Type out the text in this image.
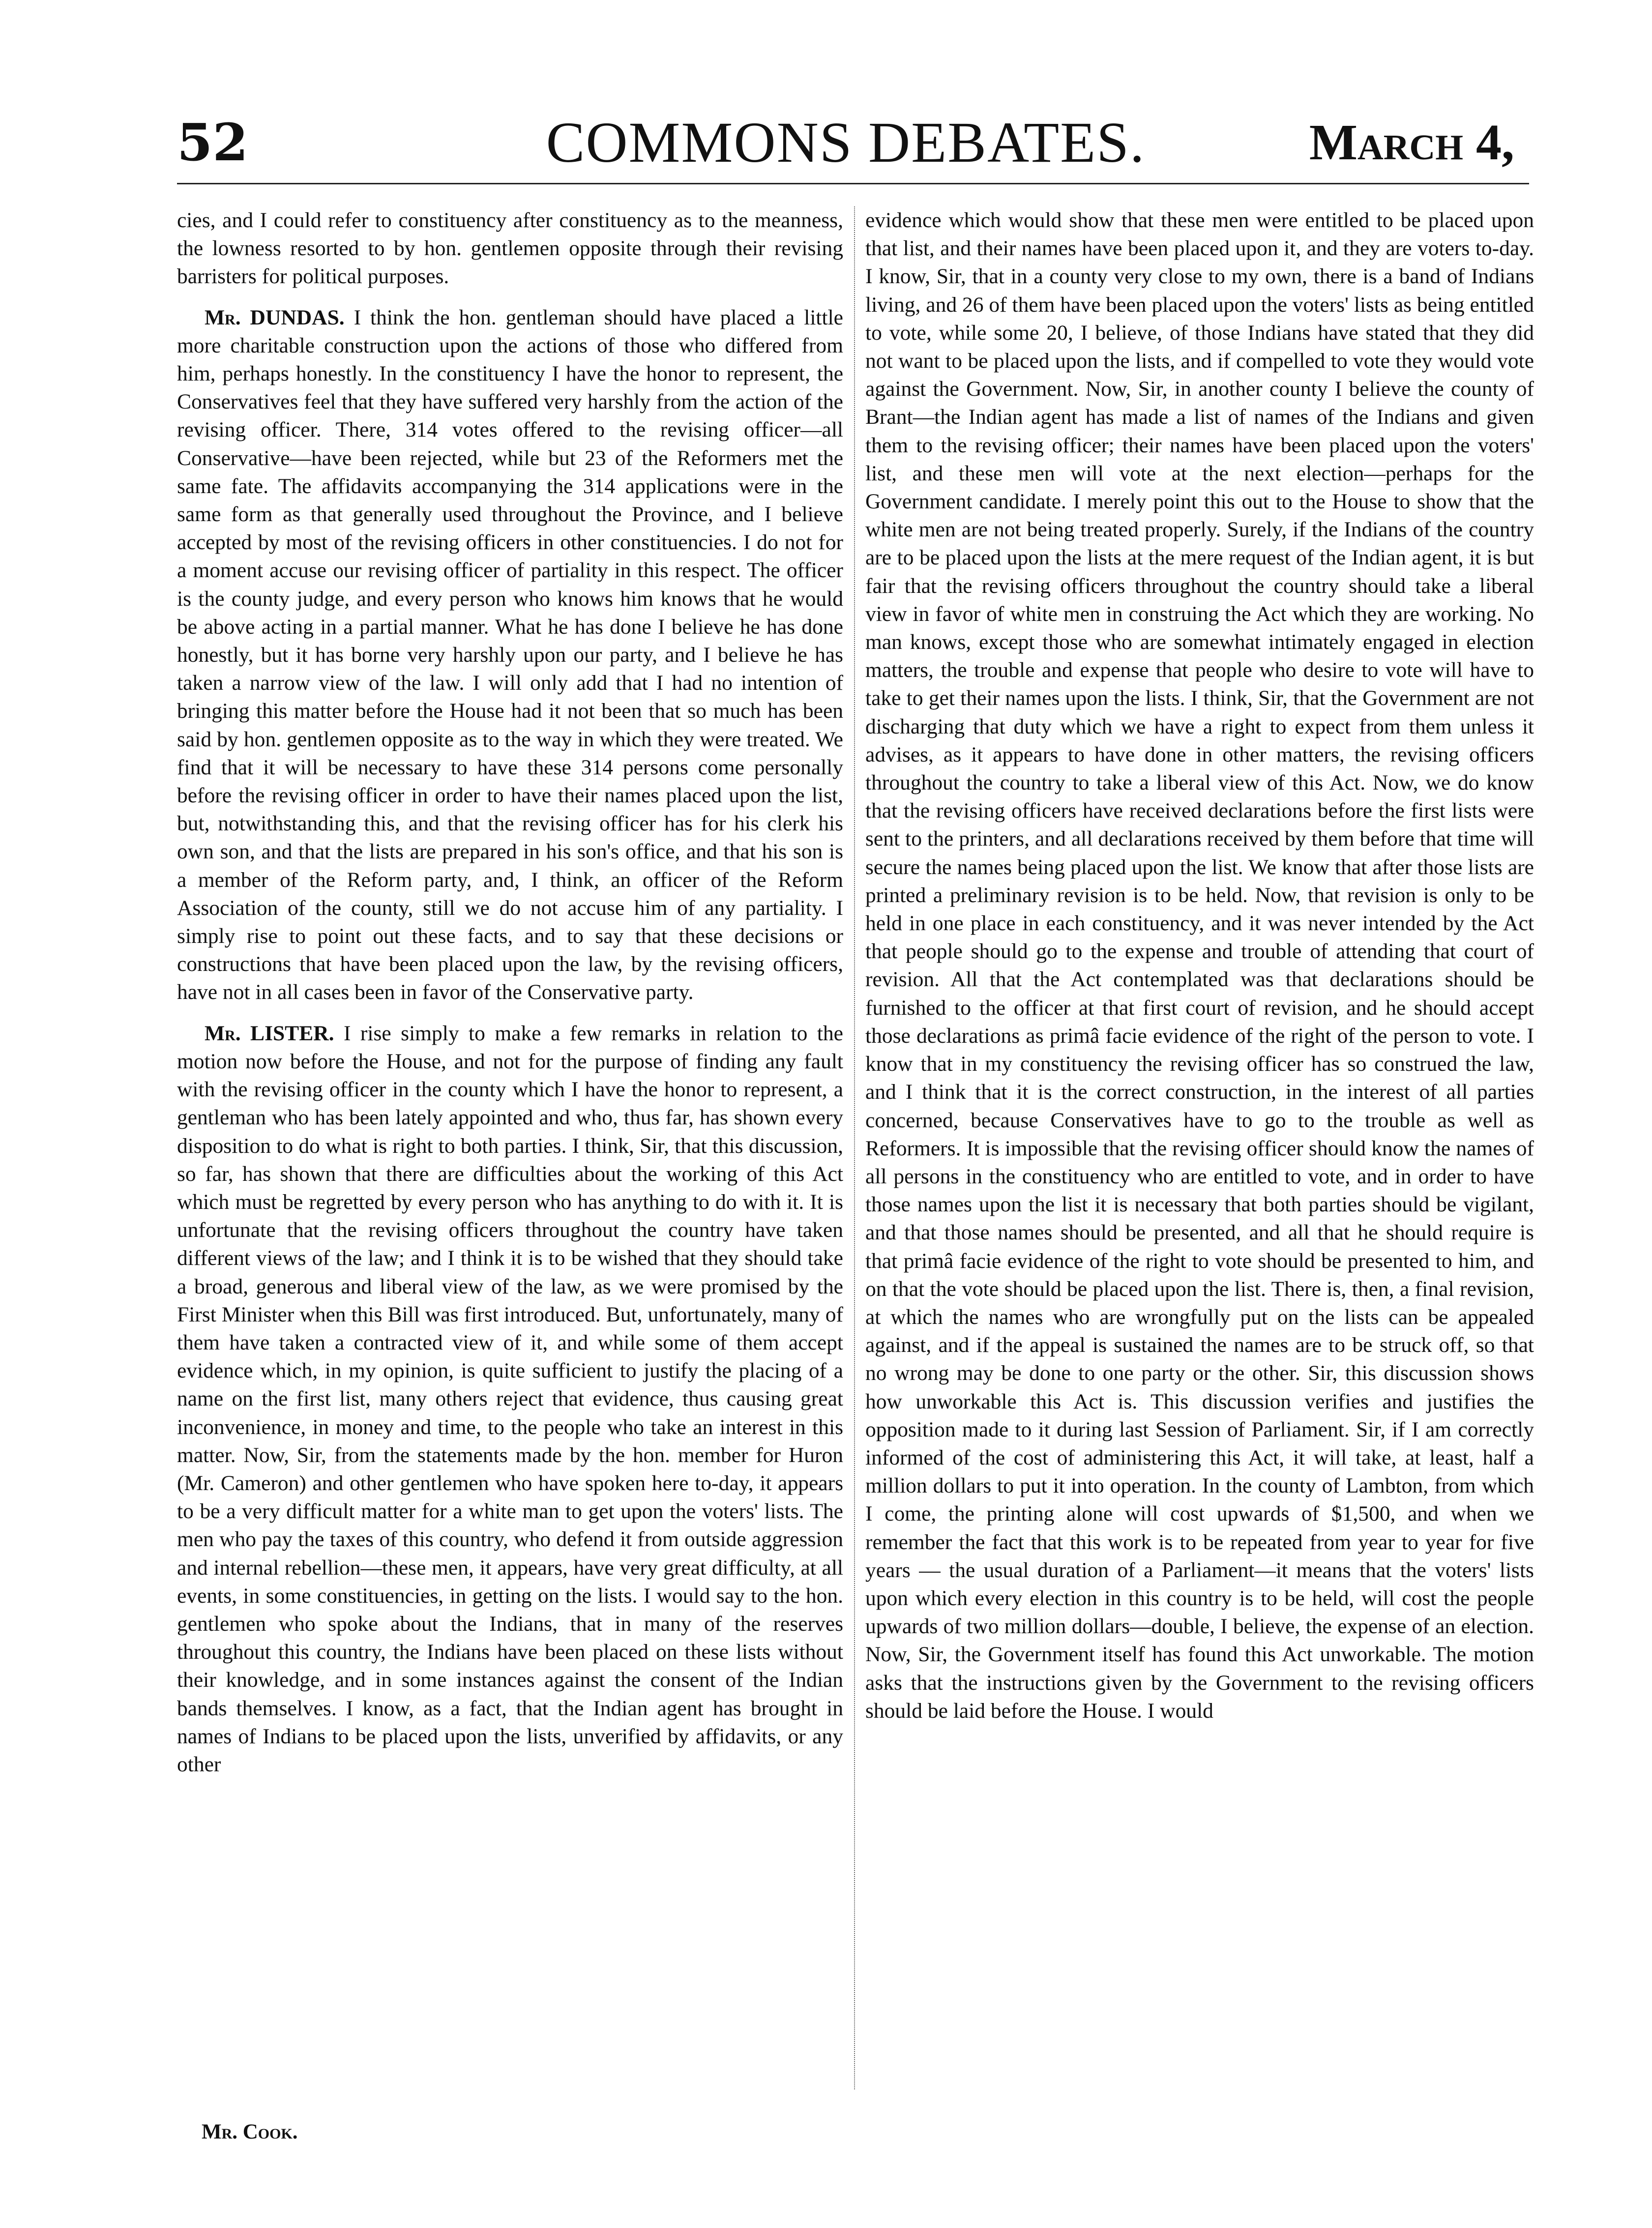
COMMONS DEBATES.
52	March 4,

cies, and I could refer to constituency after constituency as to the meanness, the lowness resorted to by hon. gentlemen opposite through their revising barristers for political purposes.

Mr. DUNDAS. I think the hon. gentleman should have placed a little more charitable construction upon the actions of those who differed from him, perhaps honestly. In the constituency I have the honor to represent, the Conservatives feel that they have suffered very harshly from the action of the revising officer. There, 314 votes offered to the revising officer—all Conservative—have been rejected, while but 23 of the Reformers met the same fate. The affidavits accompanying the 314 applications were in the same form as that generally used throughout the Province, and I believe accepted by most of the revising officers in other constituencies. I do not for a moment accuse our revising officer of partiality in this respect. The officer is the county judge, and every person who knows him knows that he would be above acting in a partial manner. What he has done I believe he has done honestly, but it has borne very harshly upon our party, and I believe he has taken a narrow view of the law. I will only add that I had no intention of bringing this matter before the House had it not been that so much has been said by hon. gentlemen opposite as to the way in which they were treated. We find that it will be necessary to have these 314 persons come personally before the revising officer in order to have their names placed upon the list, but, notwithstanding this, and that the revising officer has for his clerk his own son, and that the lists are prepared in his son's office, and that his son is a member of the Reform party, and, I think, an officer of the Reform Association of the county, still we do not accuse him of any partiality. I simply rise to point out these facts, and to say that these decisions or constructions that have been placed upon the law, by the revising officers, have not in all cases been in favor of the Conservative party.

Mr. LISTER. I rise simply to make a few remarks in relation to the motion now before the House, and not for the purpose of finding any fault with the revising officer in the county which I have the honor to represent, a gentleman who has been lately appointed and who, thus far, has shown every disposition to do what is right to both parties. I think, Sir, that this discussion, so far, has shown that there are difficulties about the working of this Act which must be regretted by every person who has anything to do with it. It is unfortunate that the revising officers throughout the country have taken different views of the law; and I think it is to be wished that they should take a broad, generous and liberal view of the law, as we were promised by the First Minister when this Bill was first introduced. But, unfortunately, many of them have taken a contracted view of it, and while some of them accept evidence which, in my opinion, is quite sufficient to justify the placing of a name on the first list, many others reject that evidence, thus causing great inconvenience, in money and time, to the people who take an interest in this matter. Now, Sir, from the statements made by the hon. member for Huron (Mr. Cameron) and other gentlemen who have spoken here to-day, it appears to be a very difficult matter for a white man to get upon the voters' lists. The men who pay the taxes of this country, who defend it from outside aggression and internal rebellion—these men, it appears, have very great difficulty, at all events, in some constituencies, in getting on the lists. I would say to the hon. gentlemen who spoke about the Indians, that in many of the reserves throughout this country, the Indians have been placed on these lists without their knowledge, and in some instances against the consent of the Indian bands themselves. I know, as a fact, that the Indian agent has brought in names of Indians to be placed upon the lists, unverified by affidavits, or any other

evidence which would show that these men were entitled to be placed upon that list, and their names have been placed upon it, and they are voters to-day. I know, Sir, that in a county very close to my own, there is a band of Indians living, and 26 of them have been placed upon the voters' lists as being entitled to vote, while some 20, I believe, of those Indians have stated that they did not want to be placed upon the lists, and if compelled to vote they would vote against the Government. Now, Sir, in another county I believe the county of Brant—the Indian agent has made a list of names of the Indians and given them to the revising officer; their names have been placed upon the voters' list, and these men will vote at the next election—perhaps for the Government candidate. I merely point this out to the House to show that the white men are not being treated properly. Surely, if the Indians of the country are to be placed upon the lists at the mere request of the Indian agent, it is but fair that the revising officers throughout the country should take a liberal view in favor of white men in construing the Act which they are working. No man knows, except those who are somewhat intimately engaged in election matters, the trouble and expense that people who desire to vote will have to take to get their names upon the lists. I think, Sir, that the Government are not discharging that duty which we have a right to expect from them unless it advises, as it appears to have done in other matters, the revising officers throughout the country to take a liberal view of this Act. Now, we do know that the revising officers have received declarations before the first lists were sent to the printers, and all declarations received by them before that time will secure the names being placed upon the list. We know that after those lists are printed a preliminary revision is to be held. Now, that revision is only to be held in one place in each constituency, and it was never intended by the Act that people should go to the expense and trouble of attending that court of revision. All that the Act contemplated was that declarations should be furnished to the officer at that first court of revision, and he should accept those declarations as primâ facie evidence of the right of the person to vote. I know that in my constituency the revising officer has so construed the law, and I think that it is the correct construction, in the interest of all parties concerned, because Conservatives have to go to the trouble as well as Reformers. It is impossible that the revising officer should know the names of all persons in the constituency who are entitled to vote, and in order to have those names upon the list it is necessary that both parties should be vigilant, and that those names should be presented, and all that he should require is that primâ facie evidence of the right to vote should be presented to him, and on that the vote should be placed upon the list. There is, then, a final revision, at which the names who are wrongfully put on the lists can be appealed against, and if the appeal is sustained the names are to be struck off, so that no wrong may be done to one party or the other. Sir, this discussion shows how unworkable this Act is. This discussion verifies and justifies the opposition made to it during last Session of Parliament. Sir, if I am correctly informed of the cost of administering this Act, it will take, at least, half a million dollars to put it into operation. In the county of Lambton, from which I come, the printing alone will cost upwards of $1,500, and when we remember the fact that this work is to be repeated from year to year for five years — the usual duration of a Parliament—it means that the voters' lists upon which every election in this country is to be held, will cost the people upwards of two million dollars—double, I believe, the expense of an election. Now, Sir, the Government itself has found this Act unworkable. The motion asks that the instructions given by the Government to the revising officers should be laid before the House. I would

Mr. Cook.
